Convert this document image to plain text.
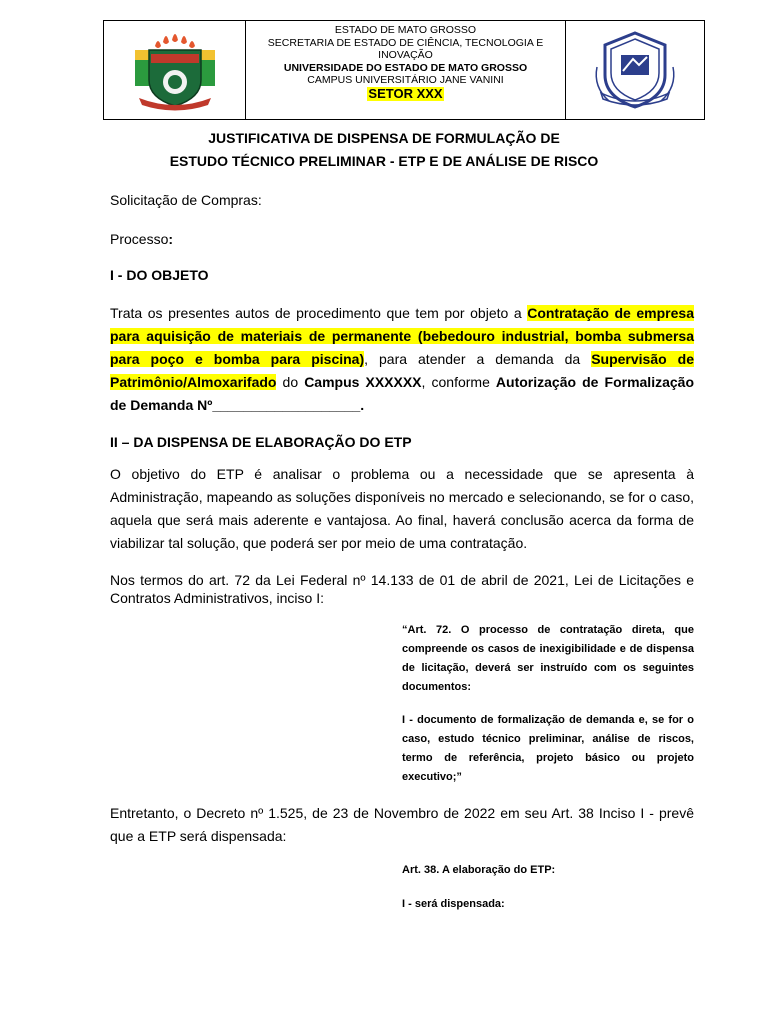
ESTADO DE MATO GROSSO
SECRETARIA DE ESTADO DE CIÊNCIA, TECNOLOGIA E INOVAÇÃO
UNIVERSIDADE DO ESTADO DE MATO GROSSO
CAMPUS UNIVERSITÁRIO JANE VANINI
SETOR XXX
JUSTIFICATIVA DE DISPENSA DE FORMULAÇÃO DE
ESTUDO TÉCNICO PRELIMINAR - ETP E DE ANÁLISE DE RISCO
Solicitação de Compras:
Processo:
I - DO OBJETO
Trata os presentes autos de procedimento que tem por objeto a Contratação de empresa para aquisição de materiais de permanente (bebedouro industrial, bomba submersa para poço e bomba para piscina), para atender a demanda da Supervisão de Patrimônio/Almoxarifado do Campus XXXXXX, conforme Autorização de Formalização de Demanda Nº___________________.
II – DA DISPENSA DE ELABORAÇÃO DO ETP
O objetivo do ETP é analisar o problema ou a necessidade que se apresenta à Administração, mapeando as soluções disponíveis no mercado e selecionando, se for o caso, aquela que será mais aderente e vantajosa. Ao final, haverá conclusão acerca da forma de viabilizar tal solução, que poderá ser por meio de uma contratação.
Nos termos do art. 72 da Lei Federal nº 14.133 de 01 de abril de 2021, Lei de Licitações e Contratos Administrativos, inciso I:
“Art. 72. O processo de contratação direta, que compreende os casos de inexigibilidade e de dispensa de licitação, deverá ser instruído com os seguintes documentos:
I - documento de formalização de demanda e, se for o caso, estudo técnico preliminar, análise de riscos, termo de referência, projeto básico ou projeto executivo;”
Entretanto, o Decreto nº 1.525, de 23 de Novembro de 2022 em seu Art. 38 Inciso I - prevê que a ETP será dispensada:
Art. 38. A elaboração do ETP:
I - será dispensada:
